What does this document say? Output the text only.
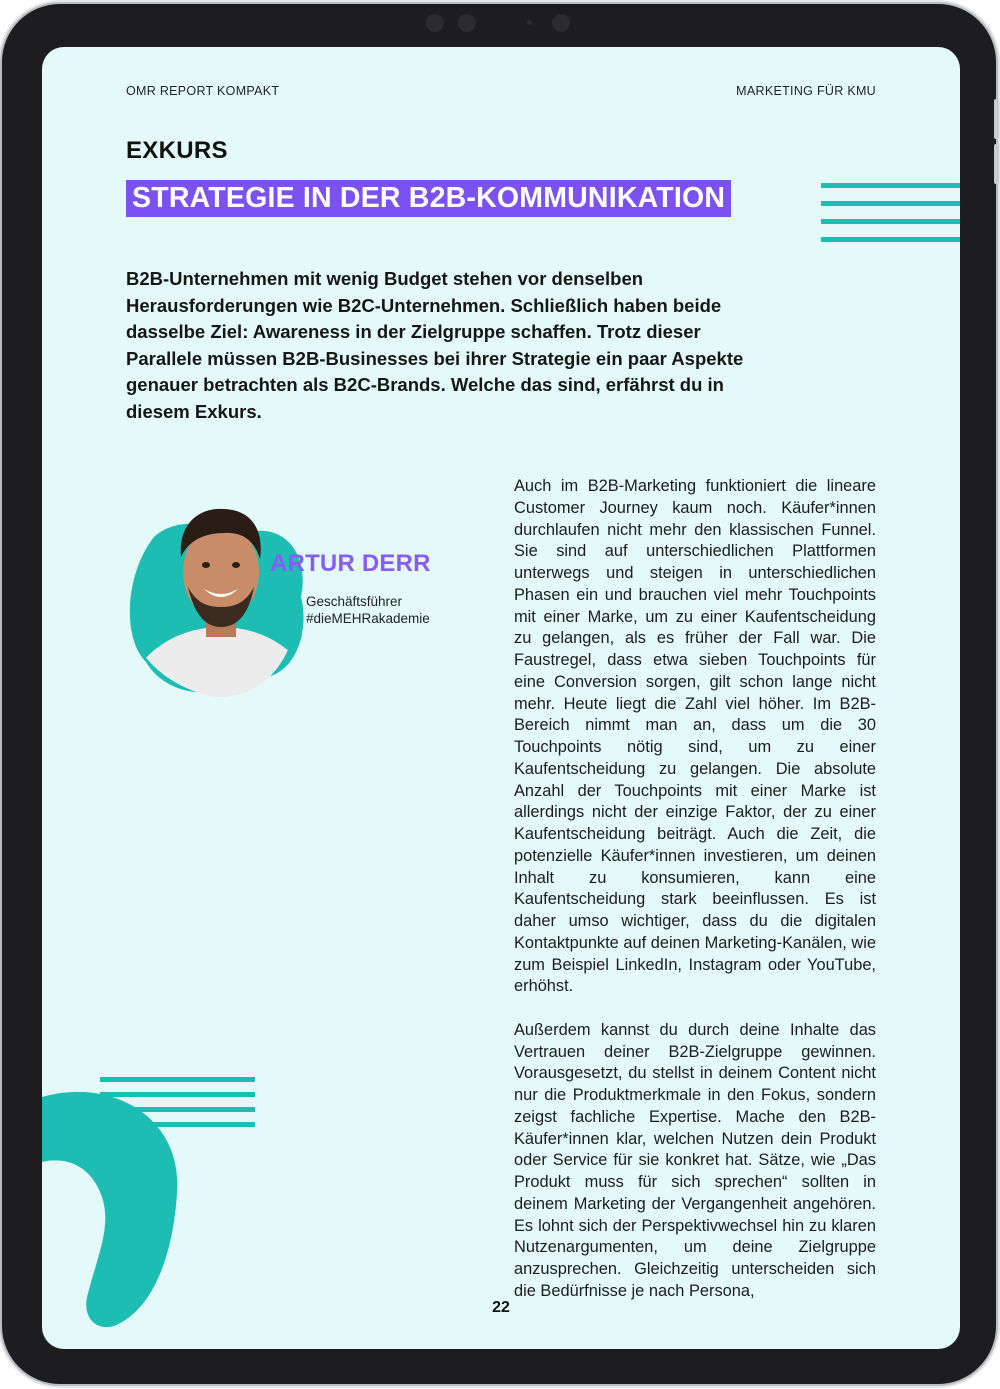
OMR REPORT KOMPAKT	MARKETING FÜR KMU
EXKURS
STRATEGIE IN DER B2B-KOMMUNIKATION
B2B-Unternehmen mit wenig Budget stehen vor denselben Herausforderungen wie B2C-Unternehmen. Schließlich haben beide dasselbe Ziel: Awareness in der Zielgruppe schaffen. Trotz dieser Parallele müssen B2B-Businesses bei ihrer Strategie ein paar Aspekte genauer betrachten als B2C-Brands. Welche das sind, erfährst du in diesem Exkurs.
ARTUR DERR
Geschäftsführer
#dieMEHRakademie

Auch im B2B-Marketing funktioniert die lineare Customer Journey kaum noch. Käufer*innen durchlaufen nicht mehr den klassischen Funnel. Sie sind auf unterschiedlichen Plattformen unterwegs und steigen in unterschiedlichen Phasen ein und brauchen viel mehr Touchpoints mit einer Marke, um zu einer Kaufentscheidung zu gelangen, als es früher der Fall war. Die Faustregel, dass etwa sieben Touchpoints für eine Conversion sorgen, gilt schon lange nicht mehr. Heute liegt die Zahl viel höher. Im B2B-Bereich nimmt man an, dass um die 30 Touchpoints nötig sind, um zu einer Kaufentscheidung zu gelangen. Die absolute Anzahl der Touchpoints mit einer Marke ist allerdings nicht der einzige Faktor, der zu einer Kaufentscheidung beiträgt. Auch die Zeit, die potenzielle Käufer*innen investieren, um deinen Inhalt zu konsumieren, kann eine Kaufentscheidung stark beeinflussen. Es ist daher umso wichtiger, dass du die digitalen Kontaktpunkte auf deinen Marketing-Kanälen, wie zum Beispiel LinkedIn, Instagram oder YouTube, erhöhst.

Außerdem kannst du durch deine Inhalte das Vertrauen deiner B2B-Zielgruppe gewinnen. Vorausgesetzt, du stellst in deinem Content nicht nur die Produktmerkmale in den Fokus, sondern zeigst fachliche Expertise. Mache den B2B-Käufer*innen klar, welchen Nutzen dein Produkt oder Service für sie konkret hat. Sätze, wie „Das Produkt muss für sich sprechen“ sollten in deinem Marketing der Vergangenheit angehören. Es lohnt sich der Perspektivwechsel hin zu klaren Nutzenargumenten, um deine Zielgruppe anzusprechen. Gleichzeitig unterscheiden sich die Bedürfnisse je nach Persona,

22
